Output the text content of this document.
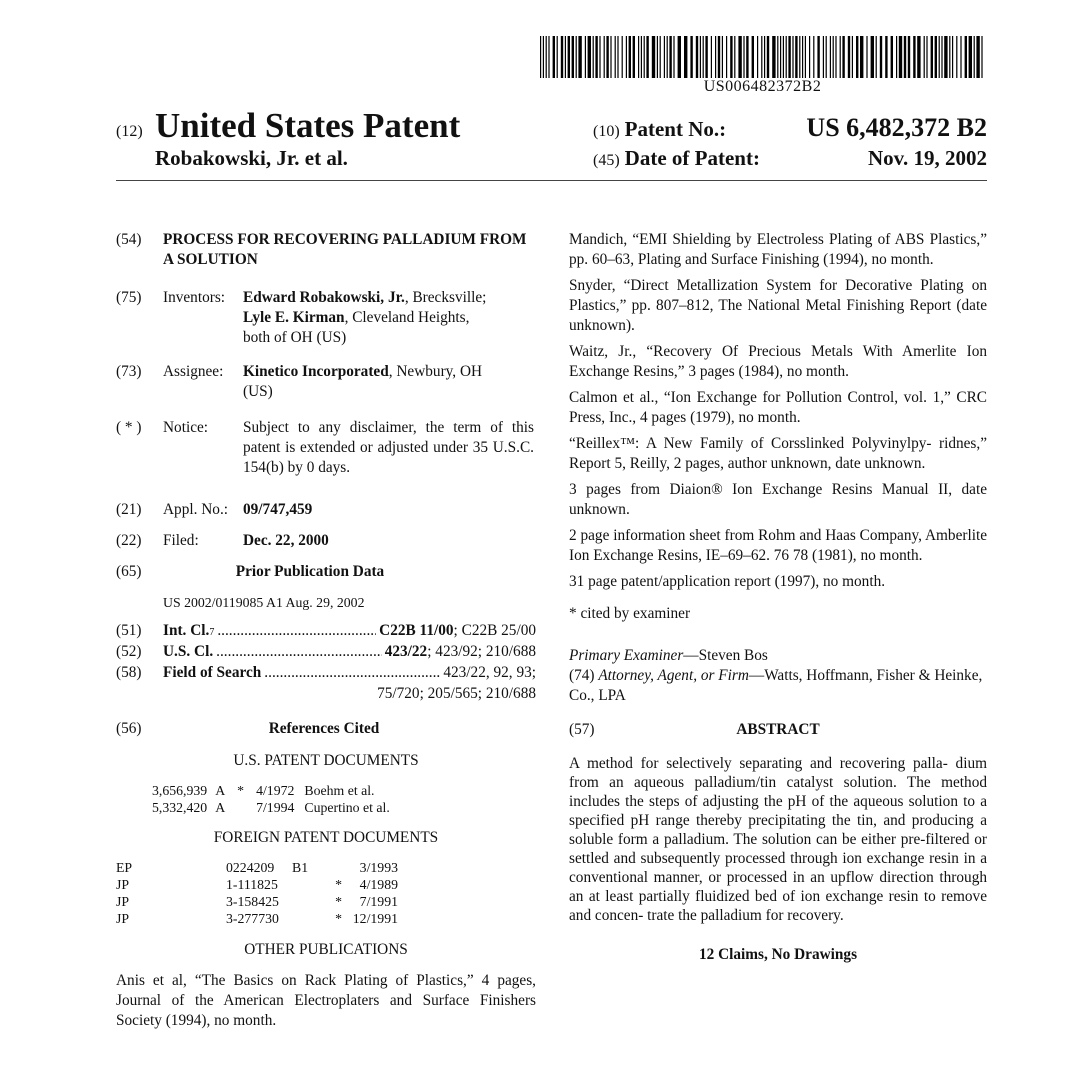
US006482372B2
(12) United States Patent
Robakowski, Jr. et al.
(10) Patent No.:	US 6,482,372 B2
(45) Date of Patent:	Nov. 19, 2002
(54) PROCESS FOR RECOVERING PALLADIUM FROM A SOLUTION
(75) Inventors: Edward Robakowski, Jr., Brecksville;
Lyle E. Kirman, Cleveland Heights,
both of OH (US)
(73) Assignee: Kinetico Incorporated, Newbury, OH
(US)
( * ) Notice: Subject to any disclaimer, the term of this patent is extended or adjusted under 35 U.S.C. 154(b) by 0 days.
(21) Appl. No.: 09/747,459
(22) Filed:	Dec. 22, 2000
(65)	Prior Publication Data
US 2002/0119085 A1 Aug. 29, 2002
(51)	Int. Cl. 7 .....	C22B 11/00; C22B 25/00
(52)	U.S. Cl. .....	423/22; 423/92; 210/688
(58)	Field of Search .....	423/22, 92, 93;
75/720; 205/565; 210/688
(56)	References Cited
U.S. PATENT DOCUMENTS
3,656,939	A	*	4/1972	Boehm et al.
5,332,420	A		7/1994	Cupertino et al.
FOREIGN PATENT DOCUMENTS
EP	0224209	B1		3/1993
JP	1-111825		*	4/1989
JP	3-158425		*	7/1991
JP	3-277730		*	12/1991
OTHER PUBLICATIONS
Anis et al, “The Basics on Rack Plating of Plastics,” 4 pages, Journal of the American Electroplaters and Surface Finishers Society (1994), no month.
Mandich, “EMI Shielding by Electroless Plating of ABS Plastics,” pp. 60–63, Plating and Surface Finishing (1994), no month.
Snyder, “Direct Metallization System for Decorative Plating on Plastics,” pp. 807–812, The National Metal Finishing Report (date unknown).
Waitz, Jr., “Recovery Of Precious Metals With Amerlite Ion Exchange Resins,” 3 pages (1984), no month.
Calmon et al., “Ion Exchange for Pollution Control, vol. 1,” CRC Press, Inc., 4 pages (1979), no month.
“Reillex™: A New Family of Corsslinked Polyvinylpy- ridnes,” Report 5, Reilly, 2 pages, author unknown, date unknown.
3 pages from Diaion® Ion Exchange Resins Manual II, date unknown.
2 page information sheet from Rohm and Haas Company, Amberlite Ion Exchange Resins, IE–69–62. 76 78 (1981), no month.
31 page patent/application report (1997), no month.
* cited by examiner
Primary Examiner—Steven Bos
(74) Attorney, Agent, or Firm—Watts, Hoffmann, Fisher & Heinke, Co., LPA
(57)	ABSTRACT
A method for selectively separating and recovering palla- dium from an aqueous palladium/tin catalyst solution. The method includes the steps of adjusting the pH of the aqueous solution to a specified pH range thereby precipitating the tin, and producing a soluble form a palladium. The solution can be either pre-filtered or settled and subsequently processed through ion exchange resin in a conventional manner, or processed in an upflow direction through an at least partially fluidized bed of ion exchange resin to remove and concen- trate the palladium for recovery.
12 Claims, No Drawings
